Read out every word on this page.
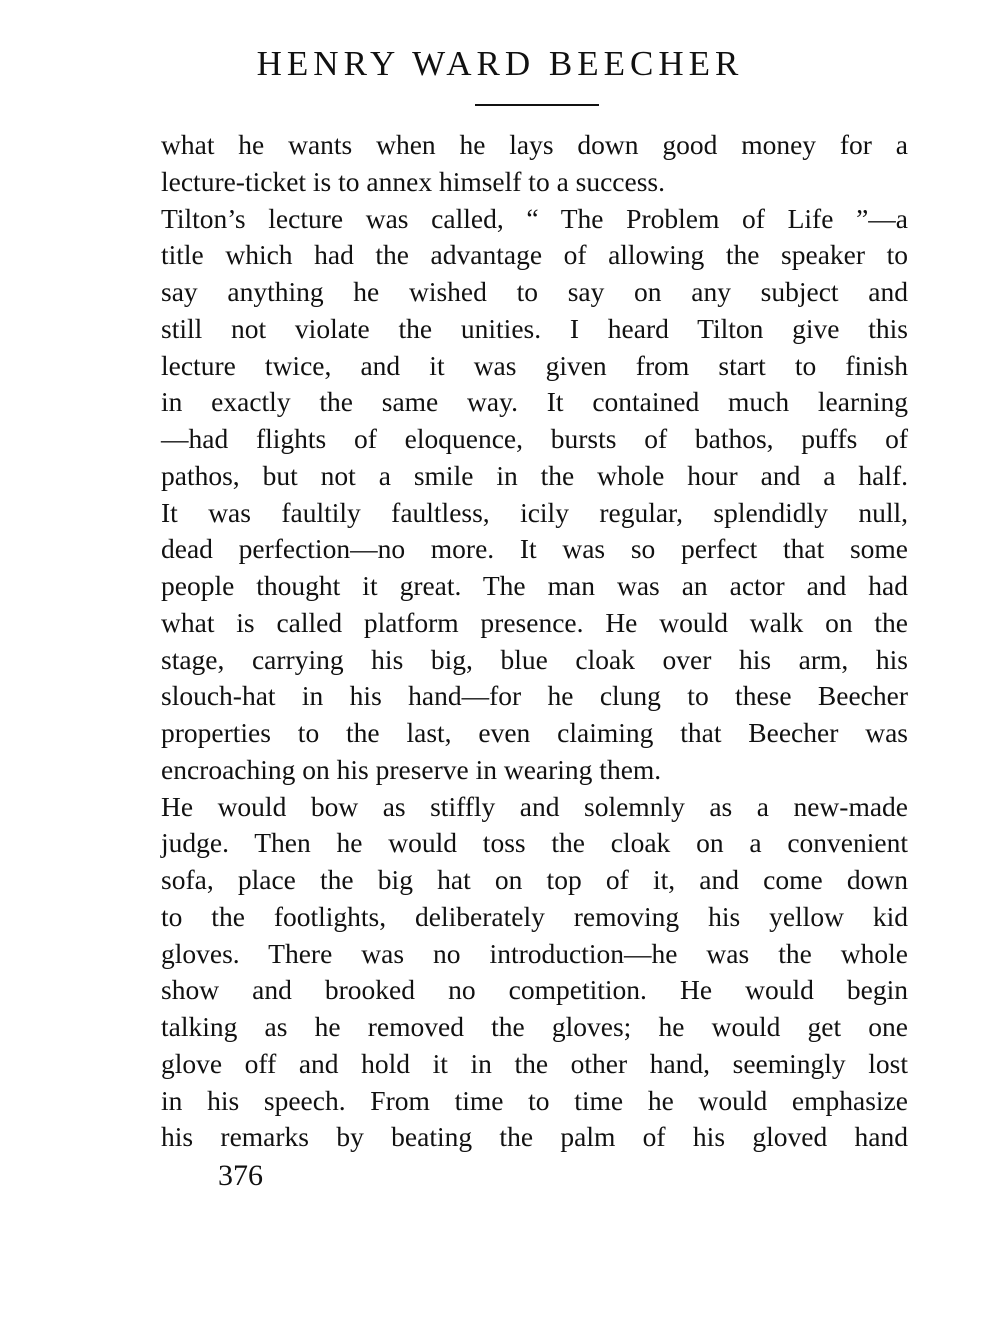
HENRY WARD BEECHER
what he wants when he lays down good money for a
lecture-ticket is to annex himself to a success.
Tilton’s lecture was called, “ The Problem of Life ”—a
title which had the advantage of allowing the speaker to
say anything he wished to say on any subject and
still not violate the unities. I heard Tilton give this
lecture twice, and it was given from start to finish
in exactly the same way. It contained much learning
—had flights of eloquence, bursts of bathos, puffs of
pathos, but not a smile in the whole hour and a half.
It was faultily faultless, icily regular, splendidly null,
dead perfection—no more. It was so perfect that some
people thought it great. The man was an actor and had
what is called platform presence. He would walk on the
stage, carrying his big, blue cloak over his arm, his
slouch-hat in his hand—for he clung to these Beecher
properties to the last, even claiming that Beecher was
encroaching on his preserve in wearing them.
He would bow as stiffly and solemnly as a new-made
judge. Then he would toss the cloak on a convenient
sofa, place the big hat on top of it, and come down
to the footlights, deliberately removing his yellow kid
gloves. There was no introduction—he was the whole
show and brooked no competition. He would begin
talking as he removed the gloves; he would get one
glove off and hold it in the other hand, seemingly lost
in his speech. From time to time he would emphasize
his remarks by beating the palm of his gloved hand
376
